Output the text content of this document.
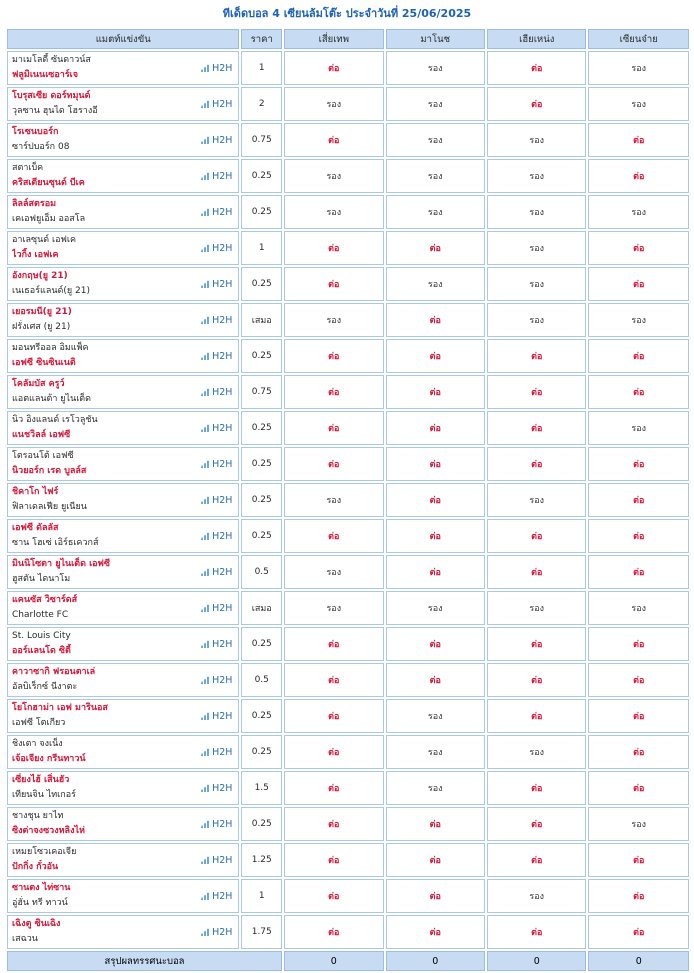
ทีเด็ดบอล 4 เซียนล้มโต๊ะ ประจำวันที่ 25/06/2025
แมตท์แข่งขัน	ราคา	เสี่ยเทพ	มาโนช	เฮียเหน่ง	เซียนจ๋าย

มาเมโลดี้ ซันดาวน์ส
ฟลูมิเนนเซอาร์เจ
H2H	1	ต่อ	รอง	ต่อ	รอง

โบรุสเซีย ดอร์ทมุนด์
วุลซาน ฮุนได โฮรางอี
H2H	2	รอง	รอง	ต่อ	รอง

โรเซนบอร์ก
ซาร์ปบอร์ก 08
H2H	0.75	ต่อ	รอง	รอง	ต่อ

สตาเบ็ค
คริสเตียนซุนด์ บีเค
H2H	0.25	รอง	รอง	รอง	ต่อ

ลิลล์สตรอม
เคเอฟยูเอ็ม ออสโล
H2H	0.25	รอง	รอง	รอง	รอง

อาเลซุนด์ เอฟเค
ไวกิ้ง เอฟเค
H2H	1	ต่อ	ต่อ	รอง	ต่อ

อังกฤษ(ยู 21)
เนเธอร์แลนด์(ยู 21)
H2H	0.25	ต่อ	รอง	รอง	ต่อ

เยอรมนี(ยู 21)
ฝรั่งเศส (ยู 21)
H2H	เสมอ	รอง	ต่อ	รอง	รอง

มอนทรีออล อิมแพ็ค
เอฟซี ซินซินเนติ
H2H	0.25	ต่อ	ต่อ	ต่อ	ต่อ

โคลัมบัส ครูว์
แอตแลนต้า ยูไนเต็ด
H2H	0.75	ต่อ	ต่อ	ต่อ	ต่อ

นิว อิงแลนด์ เรโวลูชัน
แนชวิลล์ เอฟซี
H2H	0.25	ต่อ	ต่อ	ต่อ	รอง

โตรอนโต้ เอฟซี
นิวยอร์ก เรด บูลล์ส
H2H	0.25	ต่อ	ต่อ	ต่อ	ต่อ

ชิคาโก ไฟร์
ฟิลาเดลเฟีย ยูเนียน
H2H	0.25	รอง	ต่อ	รอง	ต่อ

เอฟซี ดัลลัส
ซาน โฮเซ่ เอิร์ธเควกส์
H2H	0.25	ต่อ	ต่อ	ต่อ	ต่อ

มินนิโซตา ยูไนเต็ด เอฟซี
ฮูสตัน ไดนาโม
H2H	0.5	รอง	ต่อ	ต่อ	ต่อ

แคนซัส วิซาร์ดส์
Charlotte FC
H2H	เสมอ	รอง	รอง	รอง	รอง

St. Louis City
ออร์แลนโด ซิตี้
H2H	0.25	ต่อ	ต่อ	ต่อ	ต่อ

คาวาซากิ ฟรอนตาเล่
อัลบิเร็กซ์ นีงาตะ
H2H	0.5	ต่อ	ต่อ	ต่อ	ต่อ

โยโกฮาม่า เอฟ มารินอส
เอฟซี โตเกียว
H2H	0.25	ต่อ	รอง	ต่อ	ต่อ

ชิงเตา จงเน็ง
เจ้อเจียง กรีนทาวน์
H2H	0.25	ต่อ	รอง	รอง	ต่อ

เซี่ยงไฮ้ เสิ่นฮัว
เทียนจิน ไทเกอร์
H2H	1.5	ต่อ	รอง	ต่อ	ต่อ

ชางชุน ยาไท
ซิงต่าจงซวงหลิงไห่
H2H	0.25	ต่อ	ต่อ	ต่อ	รอง

เหมยโซวเคอเจีย
ปักกิ่ง กั๋วอัน
H2H	1.25	ต่อ	ต่อ	ต่อ	ต่อ

ซานตง ไท่ซาน
อู่ฮั่น ทรี ทาวน์
H2H	1	ต่อ	ต่อ	รอง	ต่อ

เฉิงตู ซินเฉิง
เสฉวน
H2H	1.75	ต่อ	ต่อ	ต่อ	ต่อ
สรุปผลทรรศนะบอล		0	0	0	0
